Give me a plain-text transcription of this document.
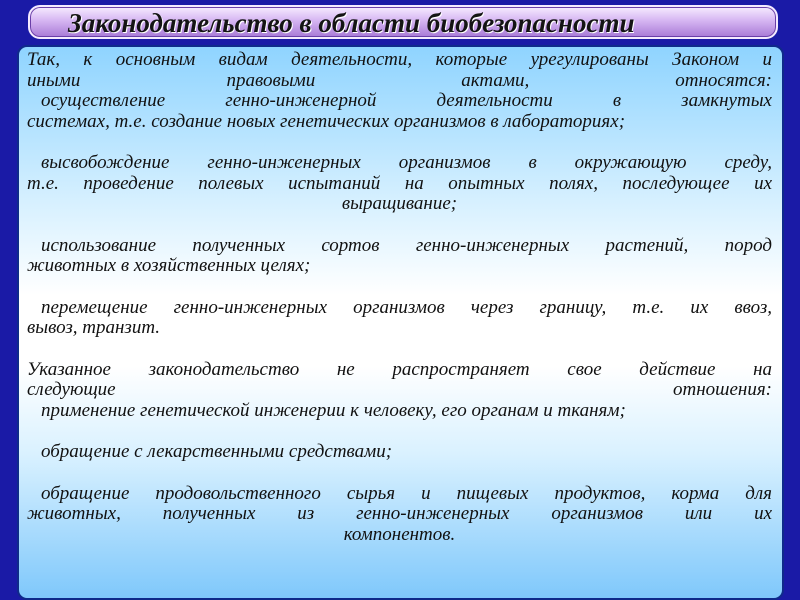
Законодательство в области биобезопасности

Так, к основным видам деятельности, которые урегулированы Законом и

иными правовыми актами, относятся:

осуществление генно-инженерной деятельности в замкнутых

системах, т.е. создание новых генетических организмов в лабораториях;

высвобождение генно-инженерных организмов в окружающую среду,

т.е. проведение полевых испытаний на опытных полях, последующее их

выращивание;

использование полученных сортов генно-инженерных растений, пород

животных в хозяйственных целях;

перемещение генно-инженерных организмов через границу, т.е. их ввоз,

вывоз, транзит.

Указанное законодательство не распространяет свое действие на

следующие отношения:

применение генетической инженерии к человеку, его органам и тканям;

обращение с лекарственными средствами;

обращение продовольственного сырья и пищевых продуктов, корма для

животных, полученных из генно-инженерных организмов или их

компонентов.
